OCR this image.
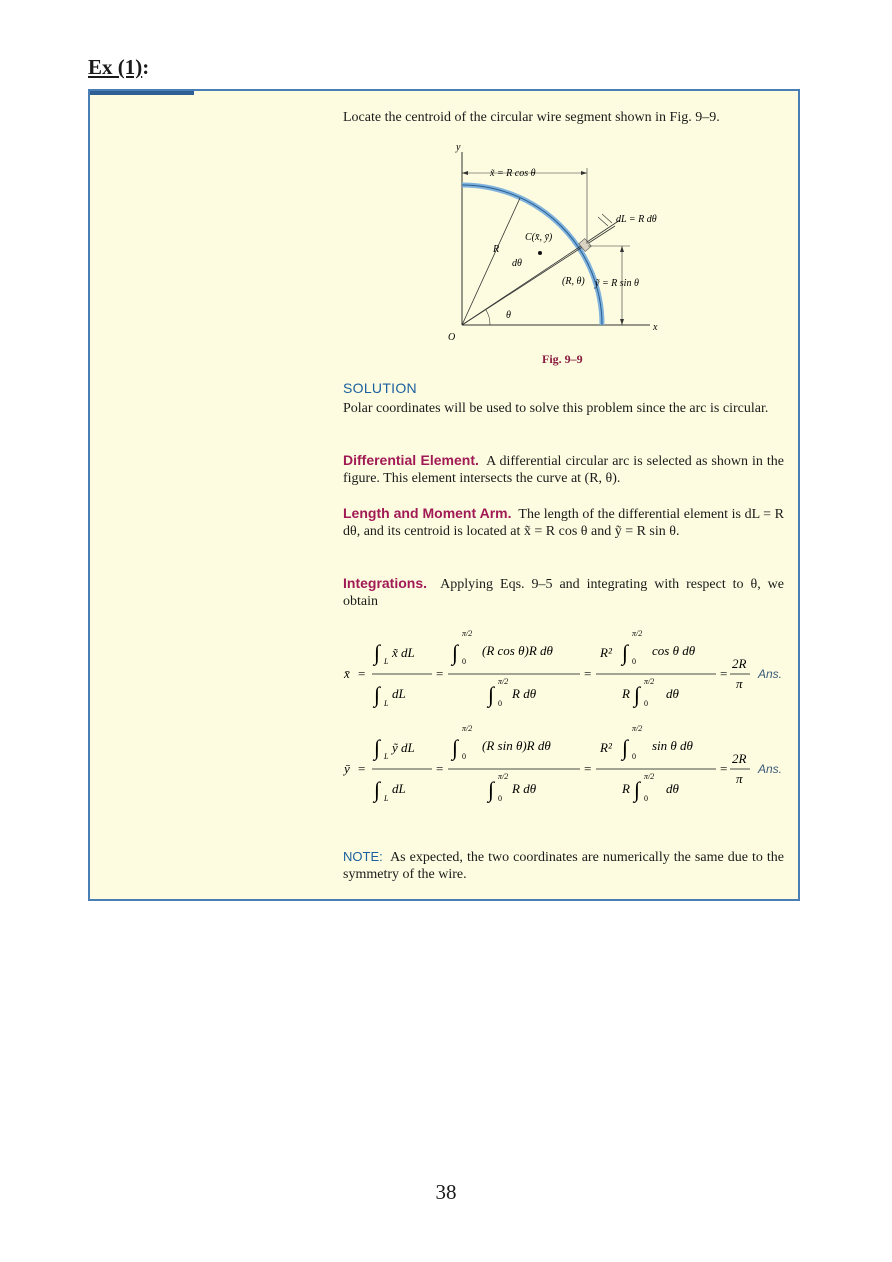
Ex (1):
Locate the centroid of the circular wire segment shown in Fig. 9–9.
y
x
O
x̃ = R cos θ
ỹ = R sin θ
dL = R dθ
C(x̄, ȳ)
R
dθ
(R, θ)
θ
Fig. 9–9
SOLUTION
Polar coordinates will be used to solve this problem since the arc is circular.
Differential Element. A differential circular arc is selected as shown in the figure. This element intersects the curve at (R, θ).
Length and Moment Arm. The length of the differential element is dL = R dθ, and its centroid is located at x̃ = R cos θ and ỹ = R sin θ.
Integrations. Applying Eqs. 9–5 and integrating with respect to θ, we obtain
x̄ =
∫ L
x̃ dL
∫ L
dL
=
∫
π/2
0
(R cos θ)R dθ
∫
π/2
0
R dθ
=
R² ∫
π/2
0
cos θ dθ
R ∫
π/2
0
dθ
=
2R
π
Ans.
ȳ =
∫ L
ỹ dL
∫ L
dL
=
∫
π/2
0
(R sin θ)R dθ
∫
π/2
0
R dθ
=
R² ∫
π/2
0
sin θ dθ
R ∫
π/2
0
dθ
=
2R
π
Ans.
NOTE: As expected, the two coordinates are numerically the same due to the symmetry of the wire.
38
